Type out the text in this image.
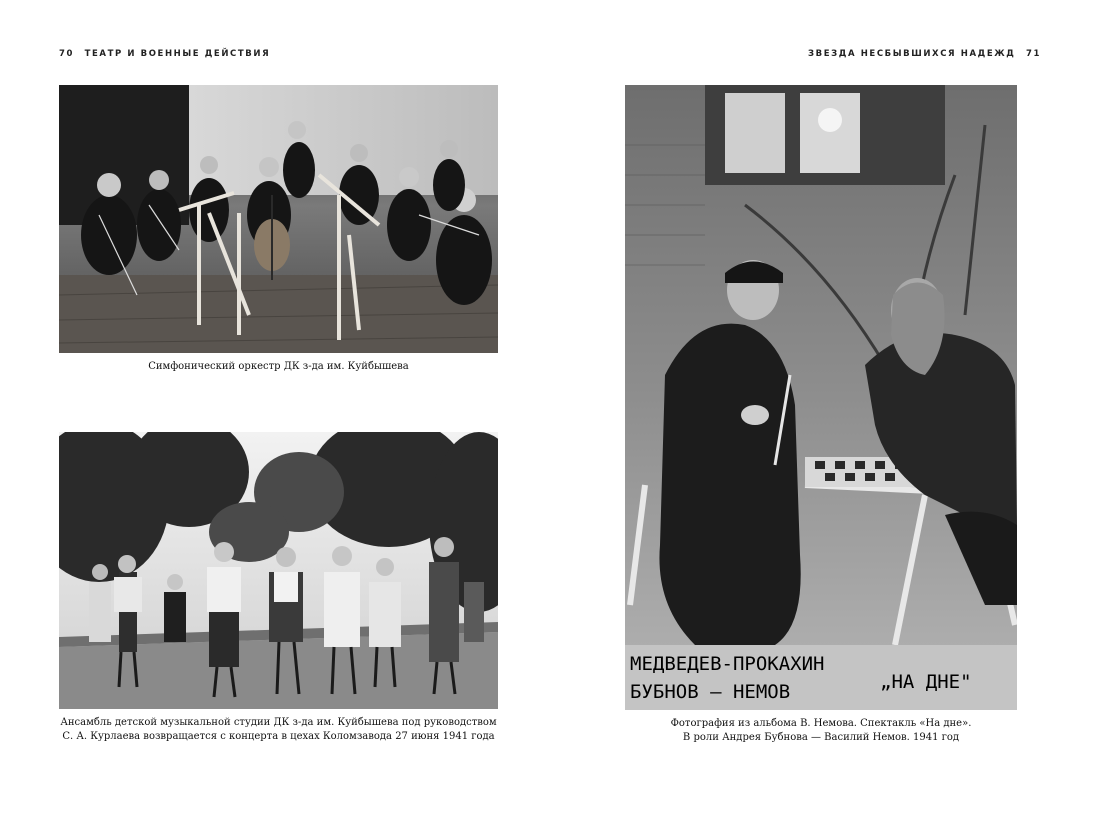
70 ТЕАТР И ВОЕННЫЕ ДЕЙСТВИЯ
Симфонический оркестр ДК з-да им. Куйбышева
Ансамбль детской музыкальной студии ДК з-да им. Куйбышева под руководством
С. А. Курлаева возвращается с концерта в цехах Коломзавода 27 июня 1941 года
ЗВЕЗДА НЕСБЫВШИХСЯ НАДЕЖД 71
МЕДВЕДЕВ-ПРОКАХИН
БУБНОВ – НЕМОВ	„НА ДНЕ"
Фотография из альбома В. Немова. Спектакль «На дне».
В роли Андрея Бубнова — Василий Немов. 1941 год
